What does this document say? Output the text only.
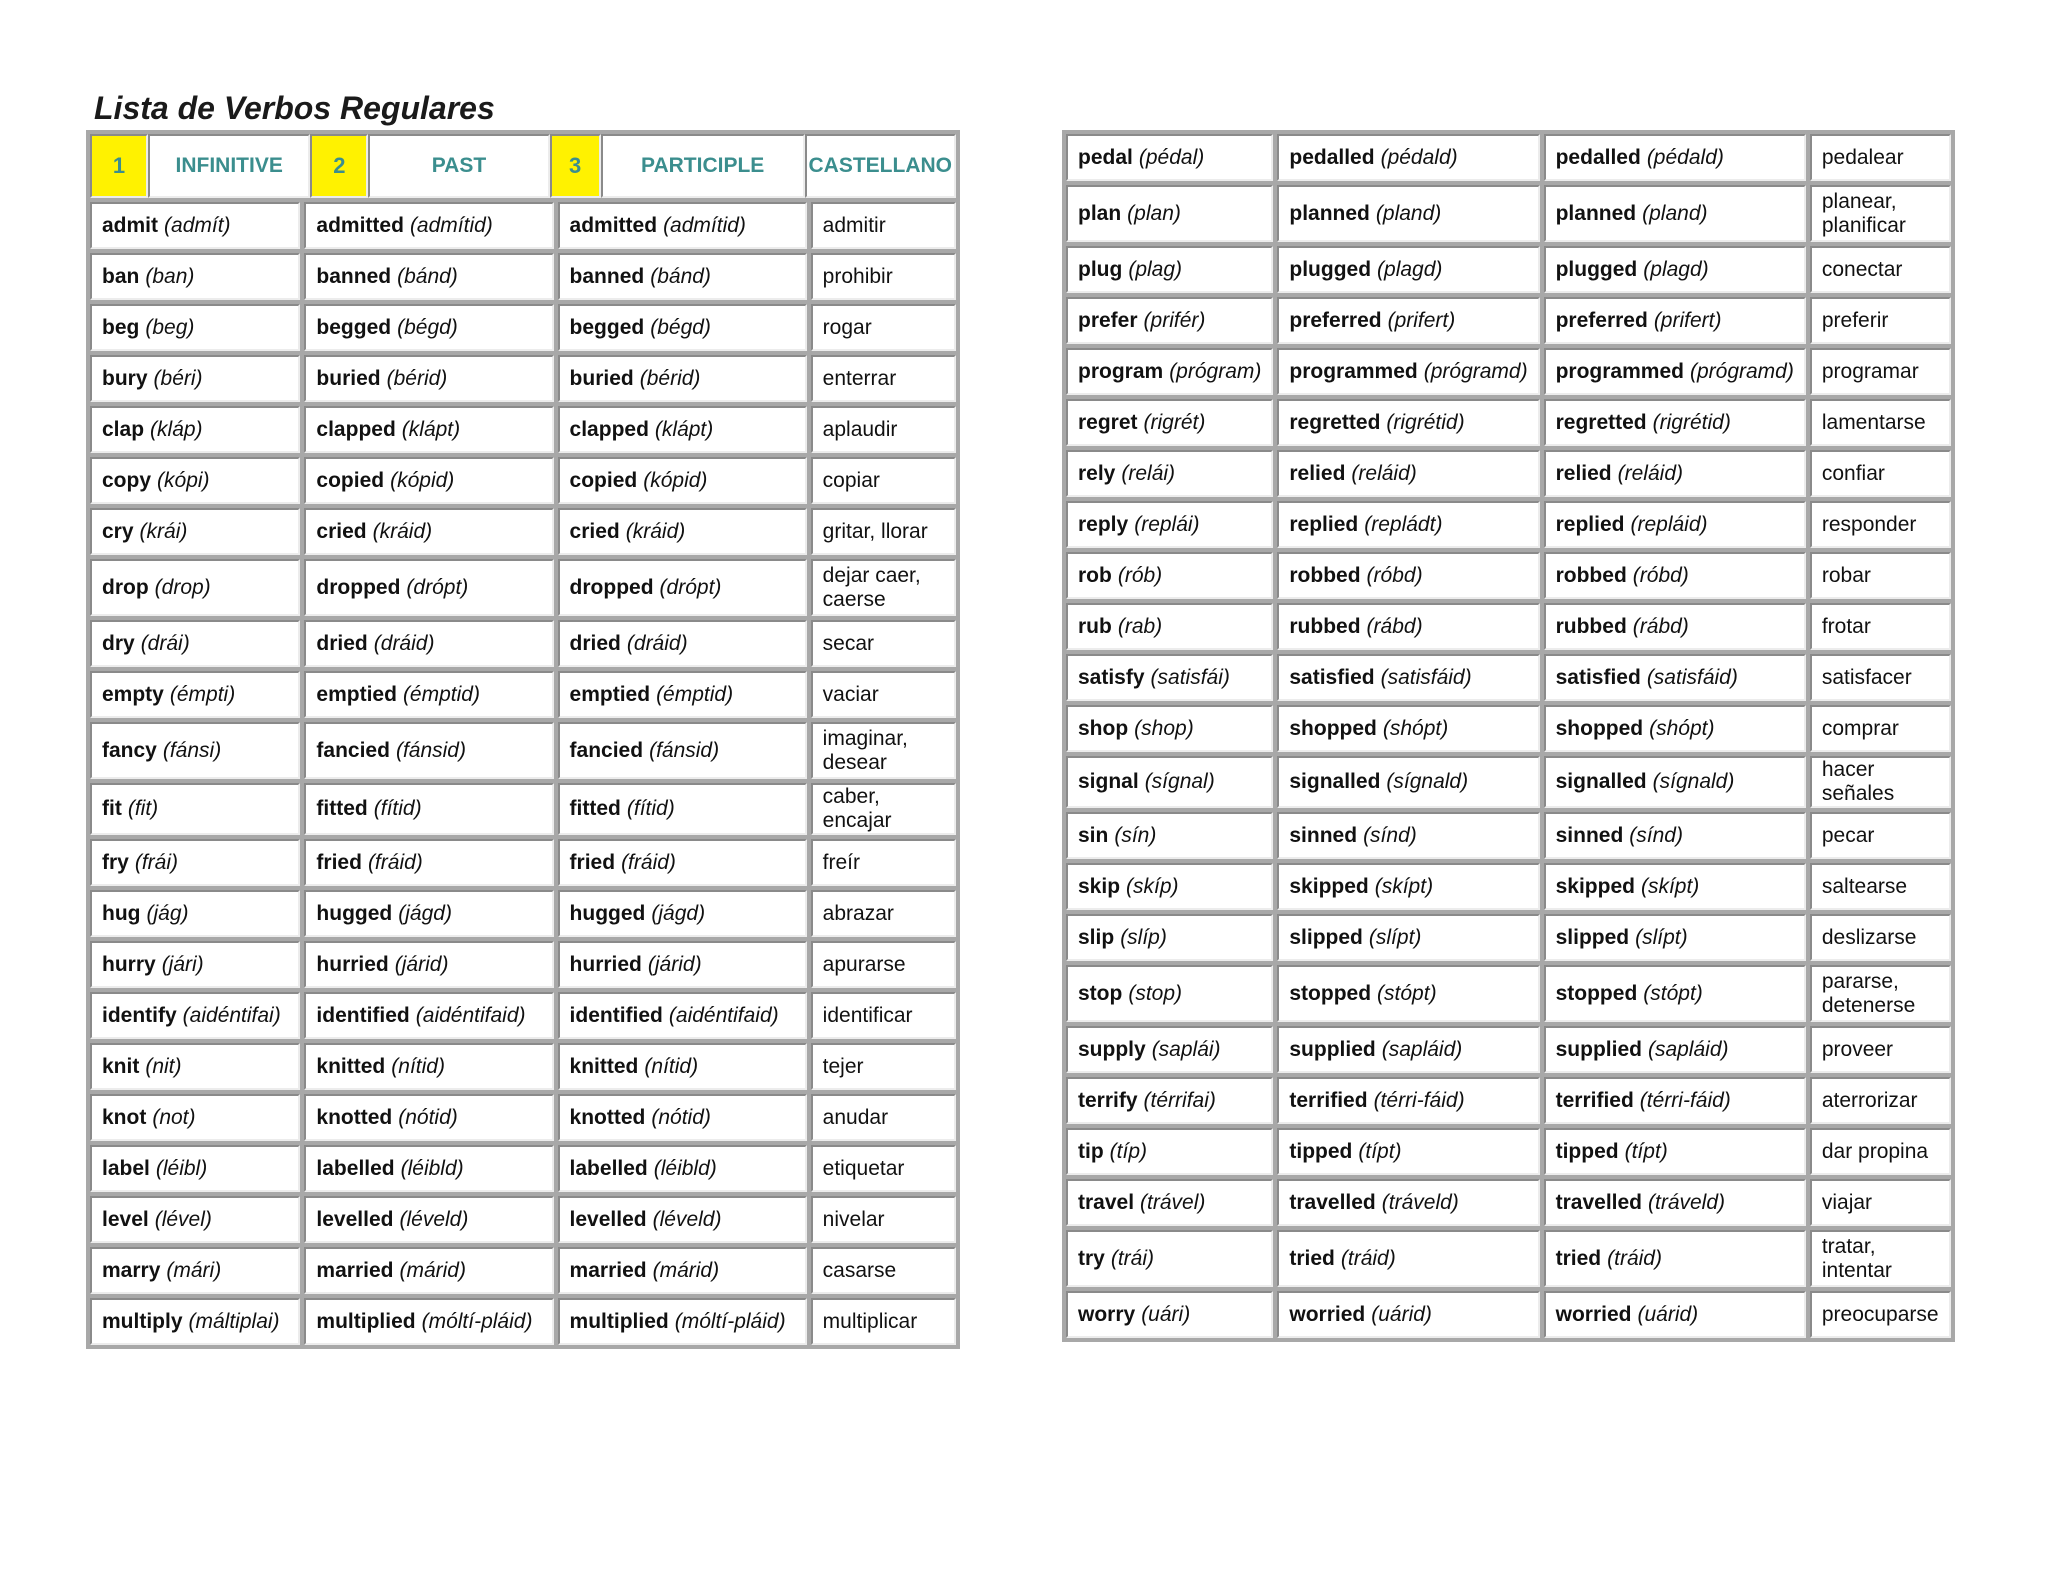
Lista de Verbos Regulares
1	INFINITIVE	2	PAST	3	PARTICIPLE	CASTELLANO

admit (admít)	admitted (admítid)	admitted (admítid)	admitir
ban (ban)	banned (bánd)	banned (bánd)	prohibir
beg (beg)	begged (bégd)	begged (bégd)	rogar
bury (béri)	buried (bérid)	buried (bérid)	enterrar
clap (kláp)	clapped (klápt)	clapped (klápt)	aplaudir
copy (kópi)	copied (kópid)	copied (kópid)	copiar
cry (krái)	cried (kráid)	cried (kráid)	gritar, llorar
drop (drop)	dropped (drópt)	dropped (drópt)	dejar caer, caerse
dry (drái)	dried (dráid)	dried (dráid)	secar
empty (émpti)	emptied (émptid)	emptied (émptid)	vaciar
fancy (fánsi)	fancied (fánsid)	fancied (fánsid)	imaginar, desear
fit (fit)	fitted (fítid)	fitted (fítid)	caber, encajar
fry (frái)	fried (fráid)	fried (fráid)	freír
hug (jág)	hugged (jágd)	hugged (jágd)	abrazar
hurry (jári)	hurried (járid)	hurried (járid)	apurarse
identify (aidéntifai)	identified (aidéntifaid)	identified (aidéntifaid)	identificar
knit (nit)	knitted (nítid)	knitted (nítid)	tejer
knot (not)	knotted (nótid)	knotted (nótid)	anudar
label (léibl)	labelled (léibld)	labelled (léibld)	etiquetar
level (lével)	levelled (léveld)	levelled (léveld)	nivelar
marry (mári)	married (márid)	married (márid)	casarse
multiply (máltiplai)	multiplied (móltí-pláid)	multiplied (móltí-pláid)	multiplicar
pedal (pédal)	pedalled (pédald)	pedalled (pédald)	pedalear
plan (plan)	planned (pland)	planned (pland)	planear, planificar
plug (plag)	plugged (plagd)	plugged (plagd)	conectar
prefer (prifér)	preferred (prifert)	preferred (prifert)	preferir
program (prógram)	programmed (prógramd)	programmed (prógramd)	programar
regret (rigrét)	regretted (rigrétid)	regretted (rigrétid)	lamentarse
rely (relái)	relied (reláid)	relied (reláid)	confiar
reply (replái)	replied (repládt)	replied (repláid)	responder
rob (rób)	robbed (róbd)	robbed (róbd)	robar
rub (rab)	rubbed (rábd)	rubbed (rábd)	frotar
satisfy (satisfái)	satisfied (satisfáid)	satisfied (satisfáid)	satisfacer
shop (shop)	shopped (shópt)	shopped (shópt)	comprar
signal (sígnal)	signalled (sígnald)	signalled (sígnald)	hacer señales
sin (sín)	sinned (sínd)	sinned (sínd)	pecar
skip (skíp)	skipped (skípt)	skipped (skípt)	saltearse
slip (slíp)	slipped (slípt)	slipped (slípt)	deslizarse
stop (stop)	stopped (stópt)	stopped (stópt)	pararse, detenerse
supply (saplái)	supplied (sapláid)	supplied (sapláid)	proveer
terrify (térrifai)	terrified (térri-fáid)	terrified (térri-fáid)	aterrorizar
tip (típ)	tipped (típt)	tipped (típt)	dar propina
travel (trável)	travelled (tráveld)	travelled (tráveld)	viajar
try (trái)	tried (tráid)	tried (tráid)	tratar, intentar
worry (uári)	worried (uárid)	worried (uárid)	preocuparse
